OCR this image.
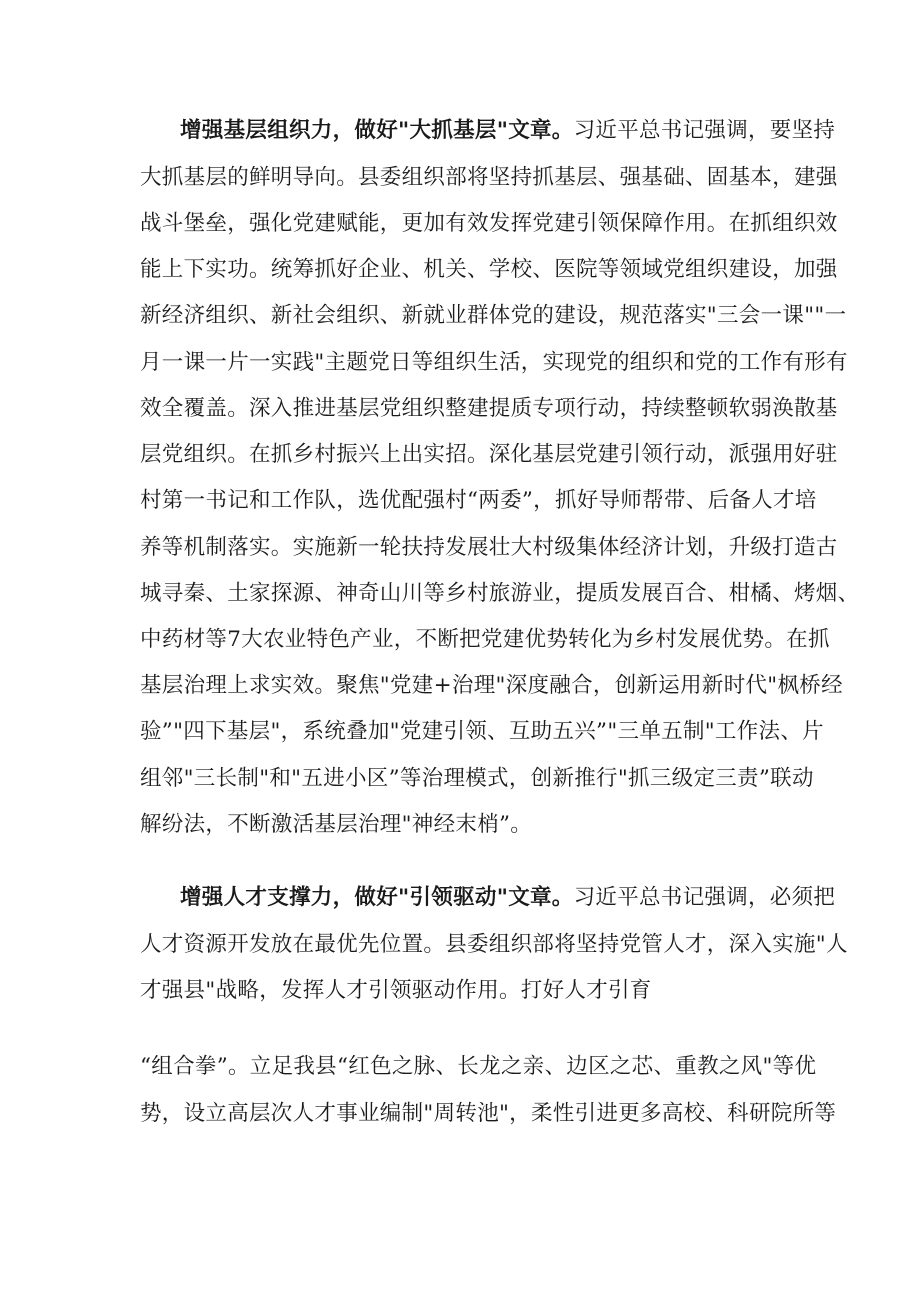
增强基层组织力，做好"大抓基层"文章。习近平总书记强调，要坚持
大抓基层的鲜明导向。县委组织部将坚持抓基层、强基础、固基本，建强
战斗堡垒，强化党建赋能，更加有效发挥党建引领保障作用。在抓组织效
能上下实功。统筹抓好企业、机关、学校、医院等领域党组织建设，加强
新经济组织、新社会组织、新就业群体党的建设，规范落实"三会一课""一
月一课一片一实践"主题党日等组织生活，实现党的组织和党的工作有形有
效全覆盖。深入推进基层党组织整建提质专项行动，持续整顿软弱涣散基
层党组织。在抓乡村振兴上出实招。深化基层党建引领行动，派强用好驻
村第一书记和工作队，选优配强村“两委”，抓好导师帮带、后备人才培
养等机制落实。实施新一轮扶持发展壮大村级集体经济计划，升级打造古
城寻秦、土家探源、神奇山川等乡村旅游业，提质发展百合、柑橘、烤烟、
中药材等7大农业特色产业，不断把党建优势转化为乡村发展优势。在抓
基层治理上求实效。聚焦"党建+治理"深度融合，创新运用新时代"枫桥经
验”"四下基层"，系统叠加"党建引领、互助五兴”"三单五制"工作法、片
组邻"三长制"和"五进小区”等治理模式，创新推行"抓三级定三责”联动
解纷法，不断激活基层治理"神经末梢”。
增强人才支撑力，做好"引领驱动"文章。习近平总书记强调，必须把
人才资源开发放在最优先位置。县委组织部将坚持党管人才，深入实施"人
才强县"战略，发挥人才引领驱动作用。打好人才引育
“组合拳”。立足我县“红色之脉、长龙之亲、边区之芯、重教之风"等优
势，设立高层次人才事业编制"周转池"，柔性引进更多高校、科研院所等
